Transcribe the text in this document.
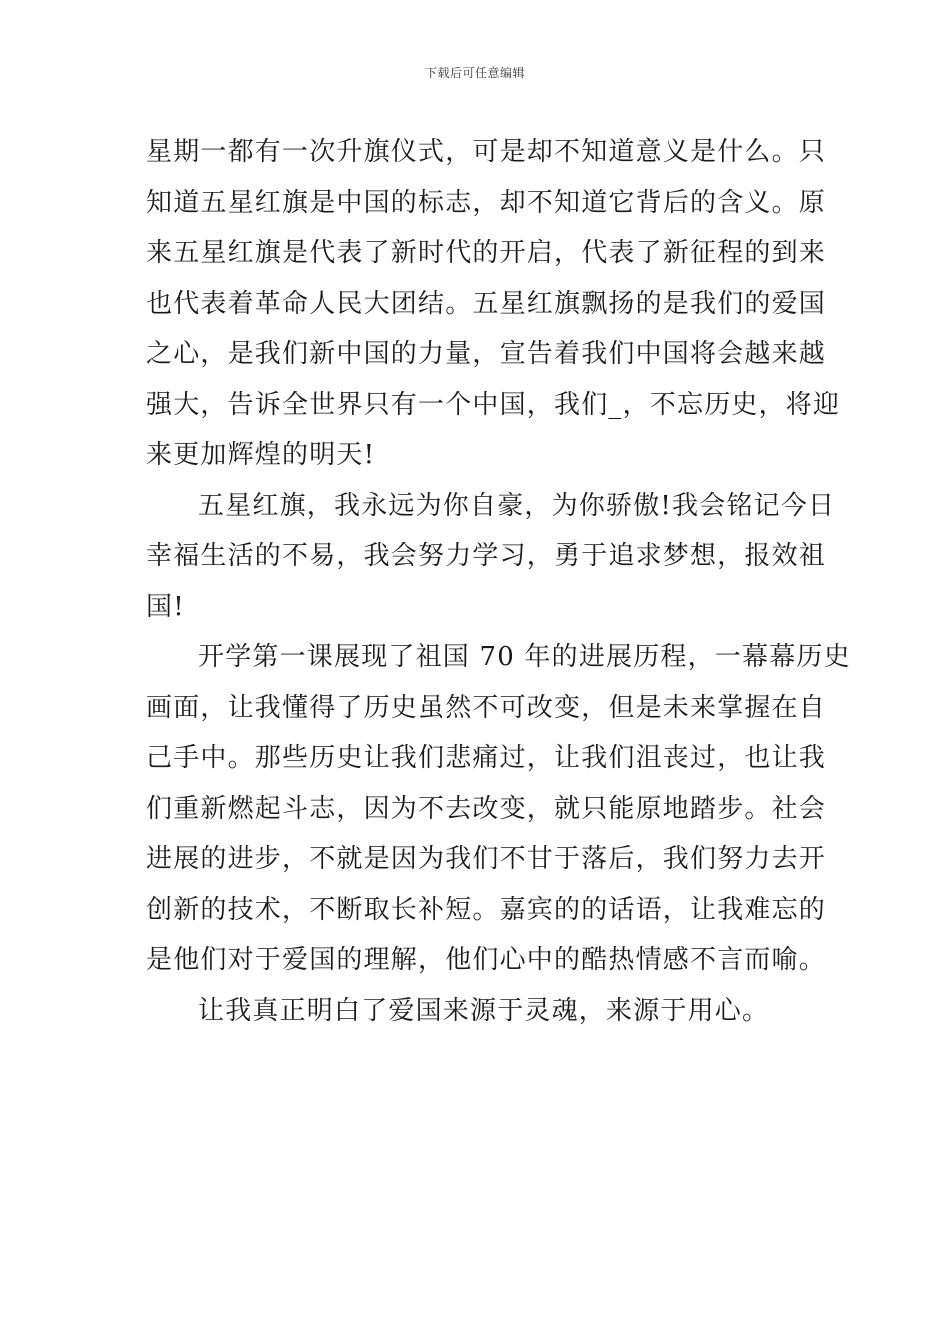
下载后可任意编辑
星期一都有一次升旗仪式，可是却不知道意义是什么。只
知道五星红旗是中国的标志，却不知道它背后的含义。原
来五星红旗是代表了新时代的开启，代表了新征程的到来
也代表着革命人民大团结。五星红旗飘扬的是我们的爱国
之心，是我们新中国的力量，宣告着我们中国将会越来越
强大，告诉全世界只有一个中国，我们_，不忘历史，将迎
来更加辉煌的明天!
五星红旗，我永远为你自豪，为你骄傲!我会铭记今日
幸福生活的不易，我会努力学习，勇于追求梦想，报效祖
国!
开学第一课展现了祖国 70 年的进展历程，一幕幕历史
画面，让我懂得了历史虽然不可改变，但是未来掌握在自
己手中。那些历史让我们悲痛过，让我们沮丧过，也让我
们重新燃起斗志，因为不去改变，就只能原地踏步。社会
进展的进步，不就是因为我们不甘于落后，我们努力去开
创新的技术，不断取长补短。嘉宾的的话语，让我难忘的
是他们对于爱国的理解，他们心中的酷热情感不言而喻。
让我真正明白了爱国来源于灵魂，来源于用心。
